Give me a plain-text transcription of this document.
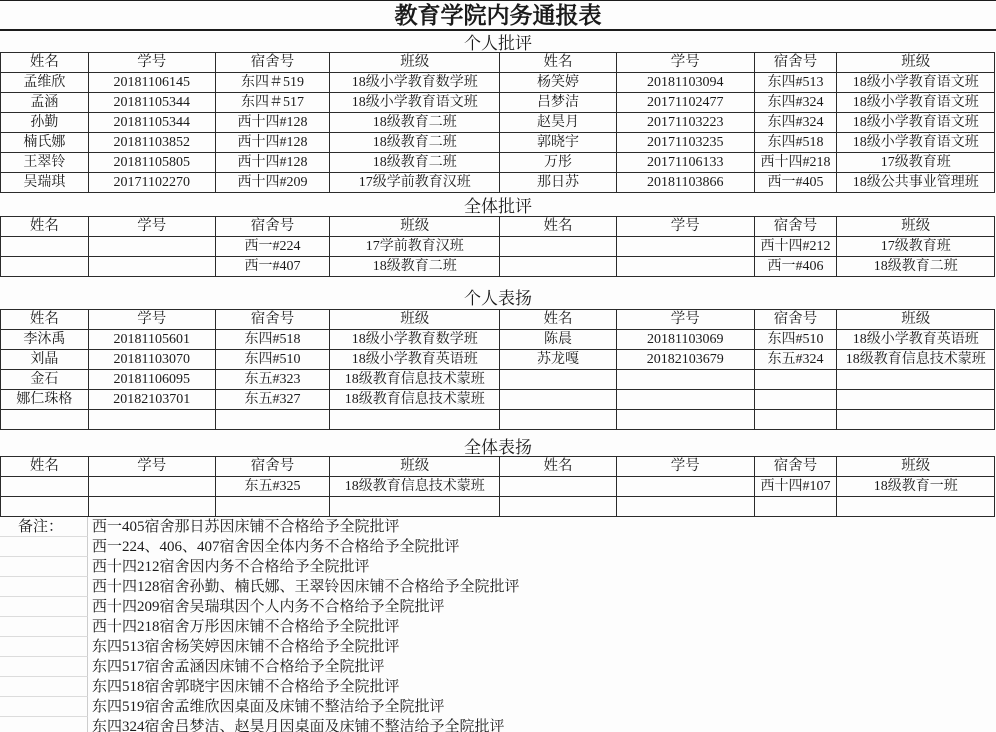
教育学院内务通报表
个人批评
姓名	学号	宿舍号	班级	姓名	学号	宿舍号	班级
孟维欣	20181106145	东四＃519	18级小学教育数学班	杨笑婷	20181103094	东四#513	18级小学教育语文班
孟涵	20181105344	东四＃517	18级小学教育语文班	吕梦洁	20171102477	东四#324	18级小学教育语文班
孙勤	20181105344	西十四#128	18级教育二班	赵昊月	20171103223	东四#324	18级小学教育语文班
楠氏娜	20181103852	西十四#128	18级教育二班	郭晓宇	20171103235	东四#518	18级小学教育语文班
王翠铃	20181105805	西十四#128	18级教育二班	万彤	20171106133	西十四#218	17级教育班
吴瑞琪	20171102270	西十四#209	17级学前教育汉班	那日苏	20181103866	西一#405	18级公共事业管理班
全体批评
姓名	学号	宿舍号	班级	姓名	学号	宿舍号	班级
		西一#224	17学前教育汉班			西十四#212	17级教育班
		西一#407	18级教育二班			西一#406	18级教育二班
个人表扬
姓名	学号	宿舍号	班级	姓名	学号	宿舍号	班级
李沐禹	20181105601	东四#518	18级小学教育数学班	陈晨	20181103069	东四#510	18级小学教育英语班
刘晶	20181103070	东四#510	18级小学教育英语班	苏龙嘎	20182103679	东五#324	18级教育信息技术蒙班
金石	20181106095	东五#323	18级教育信息技术蒙班				
娜仁珠格	20182103701	东五#327	18级教育信息技术蒙班				

全体表扬
姓名	学号	宿舍号	班级	姓名	学号	宿舍号	班级
		东五#325	18级教育信息技术蒙班			西十四#107	18级教育一班

备注：	西一405宿舍那日苏因床铺不合格给予全院批评
西一224、406、407宿舍因全体内务不合格给予全院批评
西十四212宿舍因内务不合格给予全院批评
西十四128宿舍孙勤、楠氏娜、王翠铃因床铺不合格给予全院批评
西十四209宿舍吴瑞琪因个人内务不合格给予全院批评
西十四218宿舍万彤因床铺不合格给予全院批评
东四513宿舍杨笑婷因床铺不合格给予全院批评
东四517宿舍孟涵因床铺不合格给予全院批评
东四518宿舍郭晓宇因床铺不合格给予全院批评
东四519宿舍孟维欣因桌面及床铺不整洁给予全院批评
东四324宿舍吕梦洁、赵昊月因桌面及床铺不整洁给予全院批评
